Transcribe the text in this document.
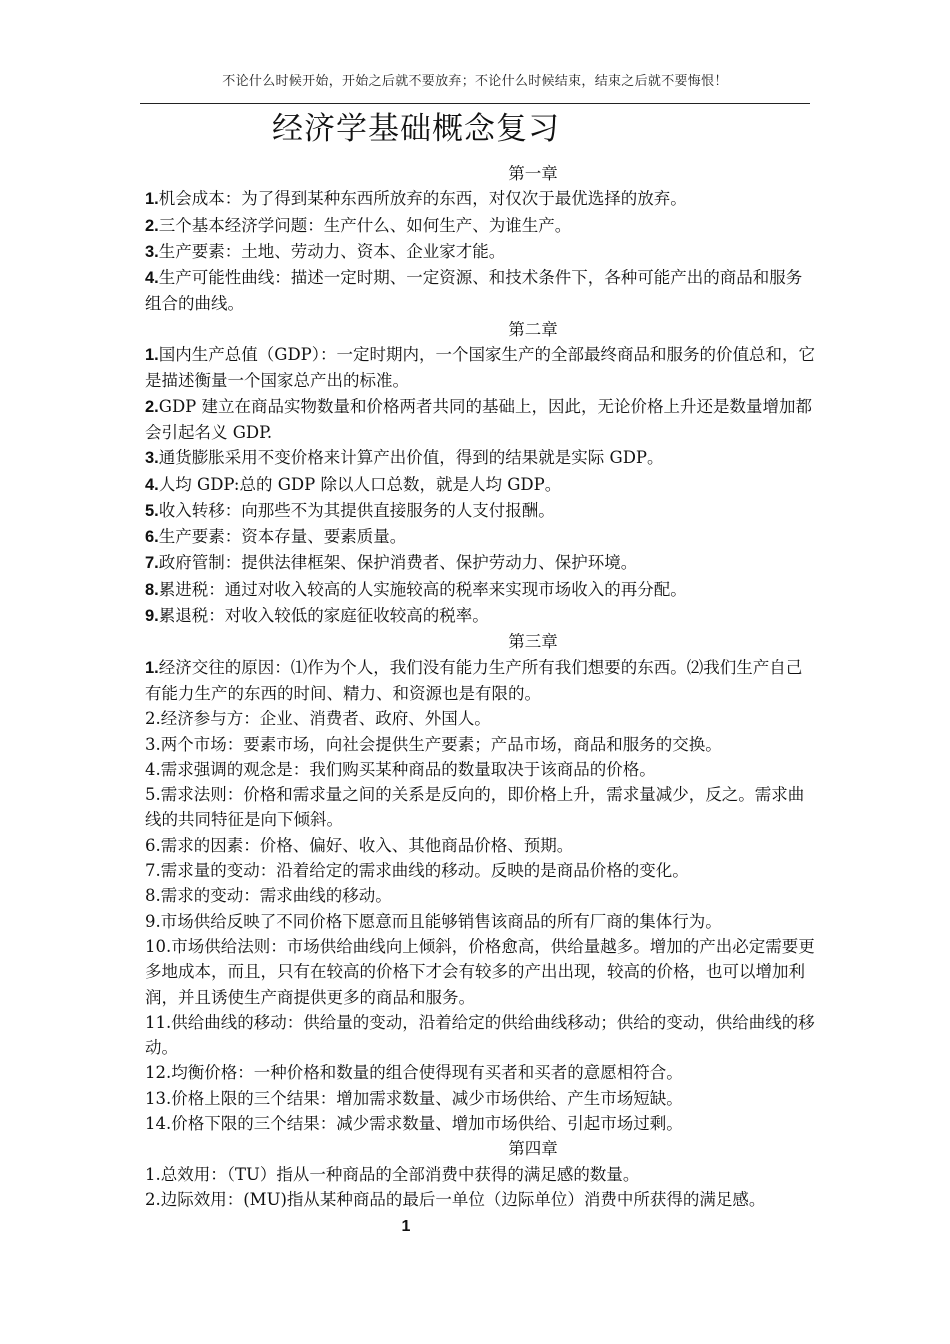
不论什么时候开始，开始之后就不要放弃；不论什么时候结束，结束之后就不要悔恨！
经济学基础概念复习
第一章

1.机会成本：为了得到某种东西所放弃的东西，对仅次于最优选择的放弃。

2.三个基本经济学问题：生产什么、如何生产、为谁生产。

3.生产要素：土地、劳动力、资本、企业家才能。

4.生产可能性曲线：描述一定时期、一定资源、和技术条件下，各种可能产出的商品和服务组合的曲线。

第二章

1.国内生产总值（GDP）：一定时期内，一个国家生产的全部最终商品和服务的价值总和，它是描述衡量一个国家总产出的标准。

2.GDP 建立在商品实物数量和价格两者共同的基础上，因此，无论价格上升还是数量增加都会引起名义 GDP.

3.通货膨胀采用不变价格来计算产出价值，得到的结果就是实际 GDP。

4.人均 GDP:总的 GDP 除以人口总数，就是人均 GDP。

5.收入转移：向那些不为其提供直接服务的人支付报酬。

6.生产要素：资本存量、要素质量。

7.政府管制：提供法律框架、保护消费者、保护劳动力、保护环境。

8.累进税：通过对收入较高的人实施较高的税率来实现市场收入的再分配。

9.累退税：对收入较低的家庭征收较高的税率。

第三章

1.经济交往的原因：⑴作为个人，我们没有能力生产所有我们想要的东西。⑵我们生产自己有能力生产的东西的时间、精力、和资源也是有限的。

2.经济参与方：企业、消费者、政府、外国人。

3.两个市场：要素市场，向社会提供生产要素；产品市场，商品和服务的交换。

4.需求强调的观念是：我们购买某种商品的数量取决于该商品的价格。

5.需求法则：价格和需求量之间的关系是反向的，即价格上升，需求量减少，反之。需求曲线的共同特征是向下倾斜。

6.需求的因素：价格、偏好、收入、其他商品价格、预期。

7.需求量的变动：沿着给定的需求曲线的移动。反映的是商品价格的变化。

8.需求的变动：需求曲线的移动。

9.市场供给反映了不同价格下愿意而且能够销售该商品的所有厂商的集体行为。

10.市场供给法则：市场供给曲线向上倾斜，价格愈高，供给量越多。增加的产出必定需要更多地成本，而且，只有在较高的价格下才会有较多的产出出现，较高的价格，也可以增加利润，并且诱使生产商提供更多的商品和服务。

11.供给曲线的移动：供给量的变动，沿着给定的供给曲线移动；供给的变动，供给曲线的移动。

12.均衡价格：一种价格和数量的组合使得现有买者和买者的意愿相符合。

13.价格上限的三个结果：增加需求数量、减少市场供给、产生市场短缺。

14.价格下限的三个结果：减少需求数量、增加市场供给、引起市场过剩。

第四章

1.总效用：（TU）指从一种商品的全部消费中获得的满足感的数量。

2.边际效用：(MU)指从某种商品的最后一单位（边际单位）消费中所获得的满足感。

1
